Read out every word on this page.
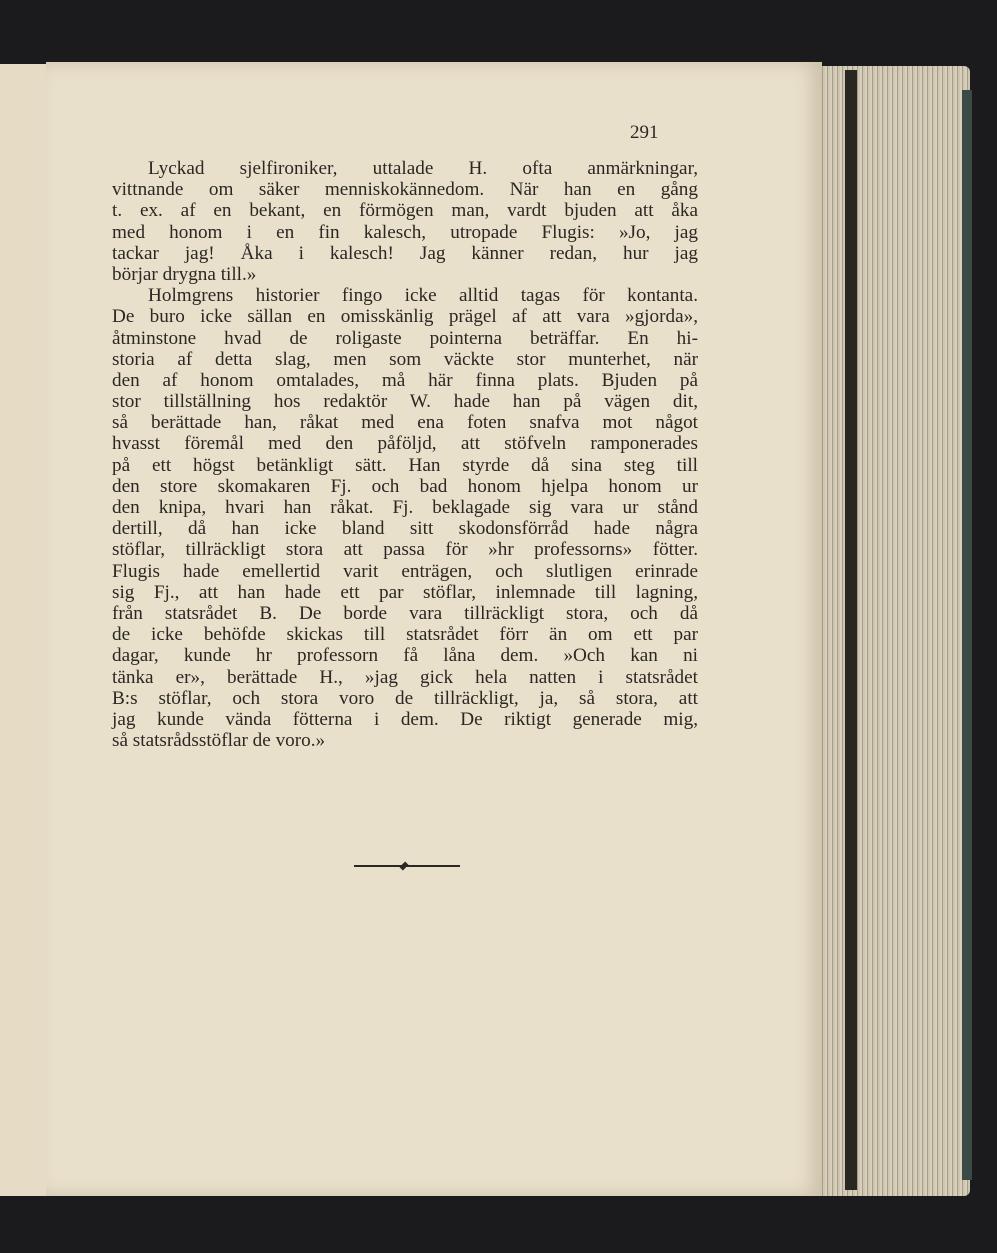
291
Lyckad sjelfironiker, uttalade H. ofta anmärkningar,
vittnande om säker menniskokännedom. När han en gång
t. ex. af en bekant, en förmögen man, vardt bjuden att åka
med honom i en fin kalesch, utropade Flugis: »Jo, jag
tackar jag! Åka i kalesch! Jag känner redan, hur jag
börjar drygna till.»
Holmgrens historier fingo icke alltid tagas för kontanta.
De buro icke sällan en omisskänlig prägel af att vara »gjorda»,
åtminstone hvad de roligaste pointerna beträffar. En hi-
storia af detta slag, men som väckte stor munterhet, när
den af honom omtalades, må här finna plats. Bjuden på
stor tillställning hos redaktör W. hade han på vägen dit,
så berättade han, råkat med ena foten snafva mot något
hvasst föremål med den påföljd, att stöfveln ramponerades
på ett högst betänkligt sätt. Han styrde då sina steg till
den store skomakaren Fj. och bad honom hjelpa honom ur
den knipa, hvari han råkat. Fj. beklagade sig vara ur stånd
dertill, då han icke bland sitt skodonsförråd hade några
stöflar, tillräckligt stora att passa för »hr professorns» fötter.
Flugis hade emellertid varit enträgen, och slutligen erinrade
sig Fj., att han hade ett par stöflar, inlemnade till lagning,
från statsrådet B. De borde vara tillräckligt stora, och då
de icke behöfde skickas till statsrådet förr än om ett par
dagar, kunde hr professorn få låna dem. »Och kan ni
tänka er», berättade H., »jag gick hela natten i statsrådet
B:s stöflar, och stora voro de tillräckligt, ja, så stora, att
jag kunde vända fötterna i dem. De riktigt generade mig,
så statsrådsstöflar de voro.»
